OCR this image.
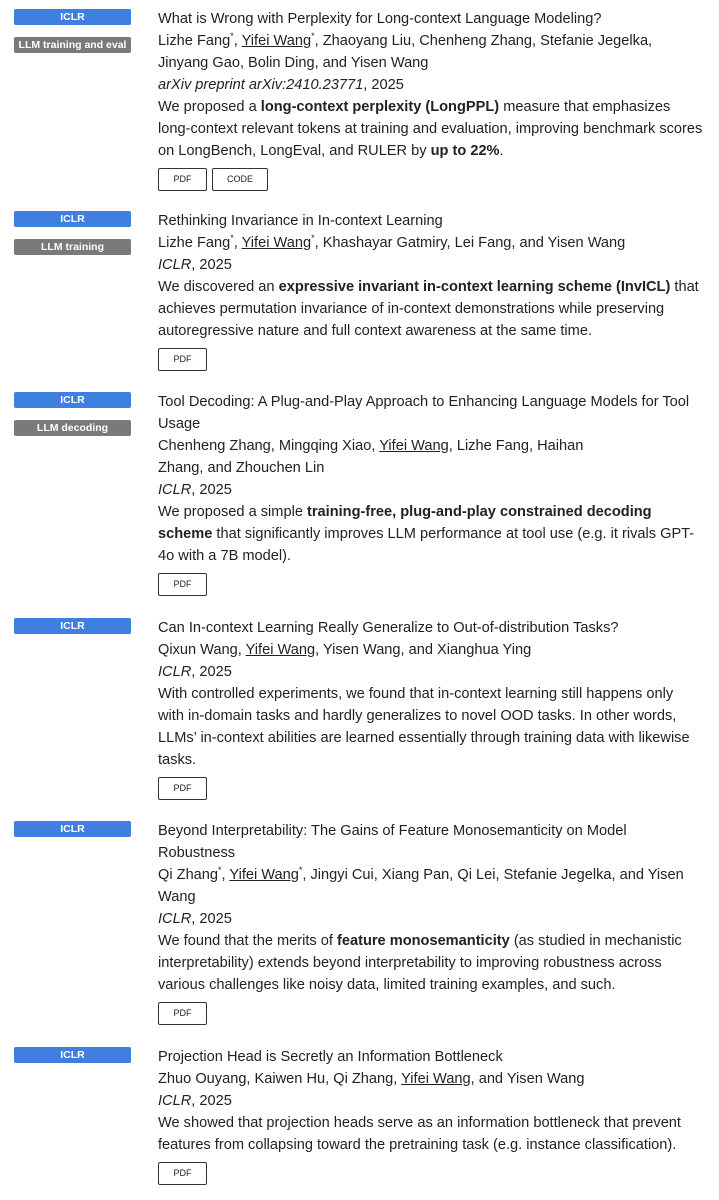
ICLR
LLM training and eval
What is Wrong with Perplexity for Long-context Language Modeling?
Lizhe Fang*, Yifei Wang*, Zhaoyang Liu, Chenheng Zhang, Stefanie Jegelka, Jinyang Gao, Bolin Ding, and Yisen Wang
arXiv preprint arXiv:2410.23771, 2025
We proposed a long-context perplexity (LongPPL) measure that emphasizes long-context relevant tokens at training and evaluation, improving benchmark scores on LongBench, LongEval, and RULER by up to 22%.
PDF	CODE
ICLR
LLM training
Rethinking Invariance in In-context Learning
Lizhe Fang*, Yifei Wang*, Khashayar Gatmiry, Lei Fang, and Yisen Wang
ICLR, 2025
We discovered an expressive invariant in-context learning scheme (InvICL) that achieves permutation invariance of in-context demonstrations while preserving autoregressive nature and full context awareness at the same time.
PDF
ICLR
LLM decoding
Tool Decoding: A Plug-and-Play Approach to Enhancing Language Models for Tool Usage
Chenheng Zhang, Mingqing Xiao, Yifei Wang, Lizhe Fang, Haihan Zhang, and Zhouchen Lin
ICLR, 2025
We proposed a simple training-free, plug-and-play constrained decoding scheme that significantly improves LLM performance at tool use (e.g. it rivals GPT-4o with a 7B model).
PDF
ICLR	Can In-context Learning Really Generalize to Out-of-distribution Tasks?
Qixun Wang, Yifei Wang, Yisen Wang, and Xianghua Ying
ICLR, 2025
With controlled experiments, we found that in-context learning still happens only with in-domain tasks and hardly generalizes to novel OOD tasks. In other words, LLMs’ in-context abilities are learned essentially through training data with likewise tasks.
PDF
ICLR	Beyond Interpretability: The Gains of Feature Monosemanticity on Model Robustness
Qi Zhang*, Yifei Wang*, Jingyi Cui, Xiang Pan, Qi Lei, Stefanie Jegelka, and Yisen Wang
ICLR, 2025
We found that the merits of feature monosemanticity (as studied in mechanistic interpretability) extends beyond interpretability to improving robustness across various challenges like noisy data, limited training examples, and such.
PDF
ICLR	Projection Head is Secretly an Information Bottleneck
Zhuo Ouyang, Kaiwen Hu, Qi Zhang, Yifei Wang, and Yisen Wang
ICLR, 2025
We showed that projection heads serve as an information bottleneck that prevent features from collapsing toward the pretraining task (e.g. instance classification).
PDF
